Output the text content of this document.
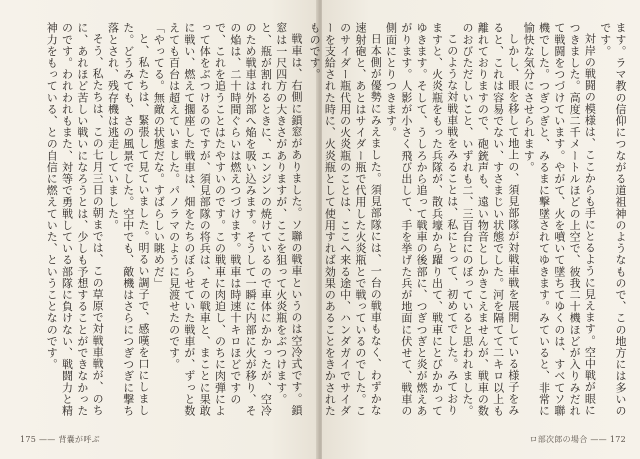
戦車は、右側に鎖窓がありました。ソ聯の戦車というのは空冷式です。鎖窓は一尺四方の大きさがありますが、ここを狙って火炎瓶をぶつけます。と、瓶が割れるときに、エンジンの焼けているので車体にかかったが、空冷のため戦車は外部へ焔を吸い込みます。そうして一瞬に内部に火が移り、その焔は、二十時間ぐらいは燃えつづけます。戦車は時速十キロほどですので、これを追うことはたやすいのです。この戦車に肉迫し、のちに肉弾によって体をぶつけるのですが、須見部隊の将兵は、その戦車と、まことに果敢に戦い、燃えて擱座した戦車は、畑をたちのぼらせていた戦車が、ずっと数えても百台は超えていました。パノラマのように見渡せたのです。

「やってる。無敵の状態だな。すばらしい眺めだ」

と、私たちは、緊張して見ていました。明るい調子で、感嘆を口にしました。どうみても、さの風景でした。空中でも、敵機はさらにつぎつぎに撃ち落とされ、残存機は逃走していました。

そう、私たちは、この七月三日の朝までは、この草原で対戦車戦が、のちに、あれほど苦しい戦いになろうとは、少しも予想することができなかったのです。われわれもまた、対等で勇戦している部隊に負けない、戦闘力と精神力をもっている、との自信に燃えていた、ということなのです。

175 —— 背嚢が呼ぶ

ます。ラマ教の信仰につながる道祖神のようなもので、この地方には多いのです。

対岸の戦闘の模様は、ここからも手にとるように見えます。空中戦が眼につきました。高度二千メートルほどの上空で、彼我二十機ほどが入りみだれて戦闘をつづけています。やがて、火を噴いて墜ちてゆくのは、すべてソ聯機でした。つぎつぎと、みるまに撃墜されてゆきます。みていると、非常に愉快な気分にさせられます。

しかし、眼を移して地上の、須見部隊が対戦車戦を展開している様子をみると、これは容易でない、すさまじい状態でした。河を隔てて二キロ以上も離れておりますので、砲銃声も、遠い物音としかきこえませんが、戦車の数のおびただしいこと、いずれも二、三百台にのぼっていると思われました。

このような対戦車戦をみることは、私にとって、初めてでした。みておりますと、火炎瓶をもった兵隊が、散兵壕から躍り出て、戦車にとびかかってゆきます。そして、うしろから追って戦車の後部に、つぎつぎと炎が燃えあがります。人影が小さく飛び出して、手を挙げた兵が地面に伏せて、戦車の側面にとりつきます。

日本側が優勢にみえました。須見部隊には、一台の戦車もなく、わずかな速射砲と、あとはサイダー瓶で代用した火炎瓶とで戦っているのでした。このサイダー瓶代用の火炎瓶のことは、ここへ来る途中、ハンダガイでサイダーを支給された時に、火炎瓶として使用すれば効果のあることをきかされたものです。

ロ部次郎の場合 —— 172
